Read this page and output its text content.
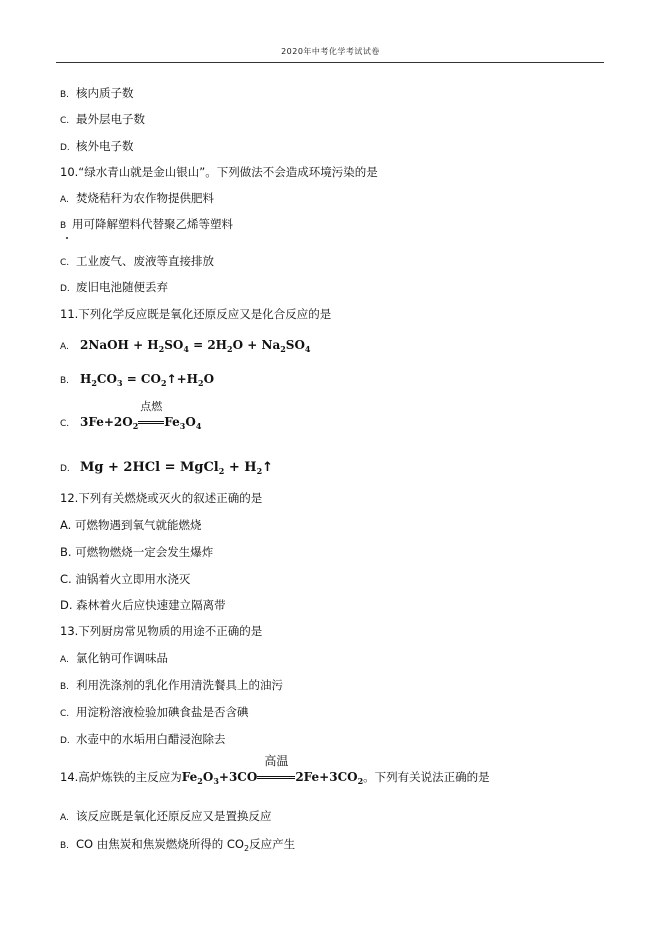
2020年中考化学考试试卷
B. 核内质子数
C. 最外层电子数
D. 核外电子数
10.“绿水青山就是金山银山”。下列做法不会造成环境污染的是
A. 焚烧秸秆为农作物提供肥料
B 用可降解塑料代替聚乙烯等塑料
C. 工业废气、废液等直接排放
D. 废旧电池随便丢弃
11.下列化学反应既是氧化还原反应又是化合反应的是
A. 2NaOH + $H_2SO_4 = 2H_2O + Na_2SO_4$
B. $H_2CO_3$ = $CO_2↑+H_2O$
C. $3Fe+2O_2$
点燃
$Fe_3O_4$
D. Mg + 2HCl = MgCl$_2$ + $H_2↑$
12.下列有关燃烧或灭火的叙述正确的是
A. 可燃物遇到氧气就能燃烧
B. 可燃物燃烧一定会发生爆炸
C. 油锅着火立即用水浇灭
D. 森林着火后应快速建立隔离带
13.下列厨房常见物质的用途不正确的是
A. 氯化钠可作调味品
B. 利用洗涤剂的乳化作用清洗餐具上的油污
C. 用淀粉溶液检验加碘食盐是否含碘
D. 水壶中的水垢用白醋浸泡除去
14.高炉炼铁的主反应为$Fe_2O_3+3CO$
高温
$2Fe+3CO_2$。下列有关说法正确的是
A. 该反应既是氧化还原反应又是置换反应
B. CO 由焦炭和焦炭燃烧所得的 $CO_2$反应产生
